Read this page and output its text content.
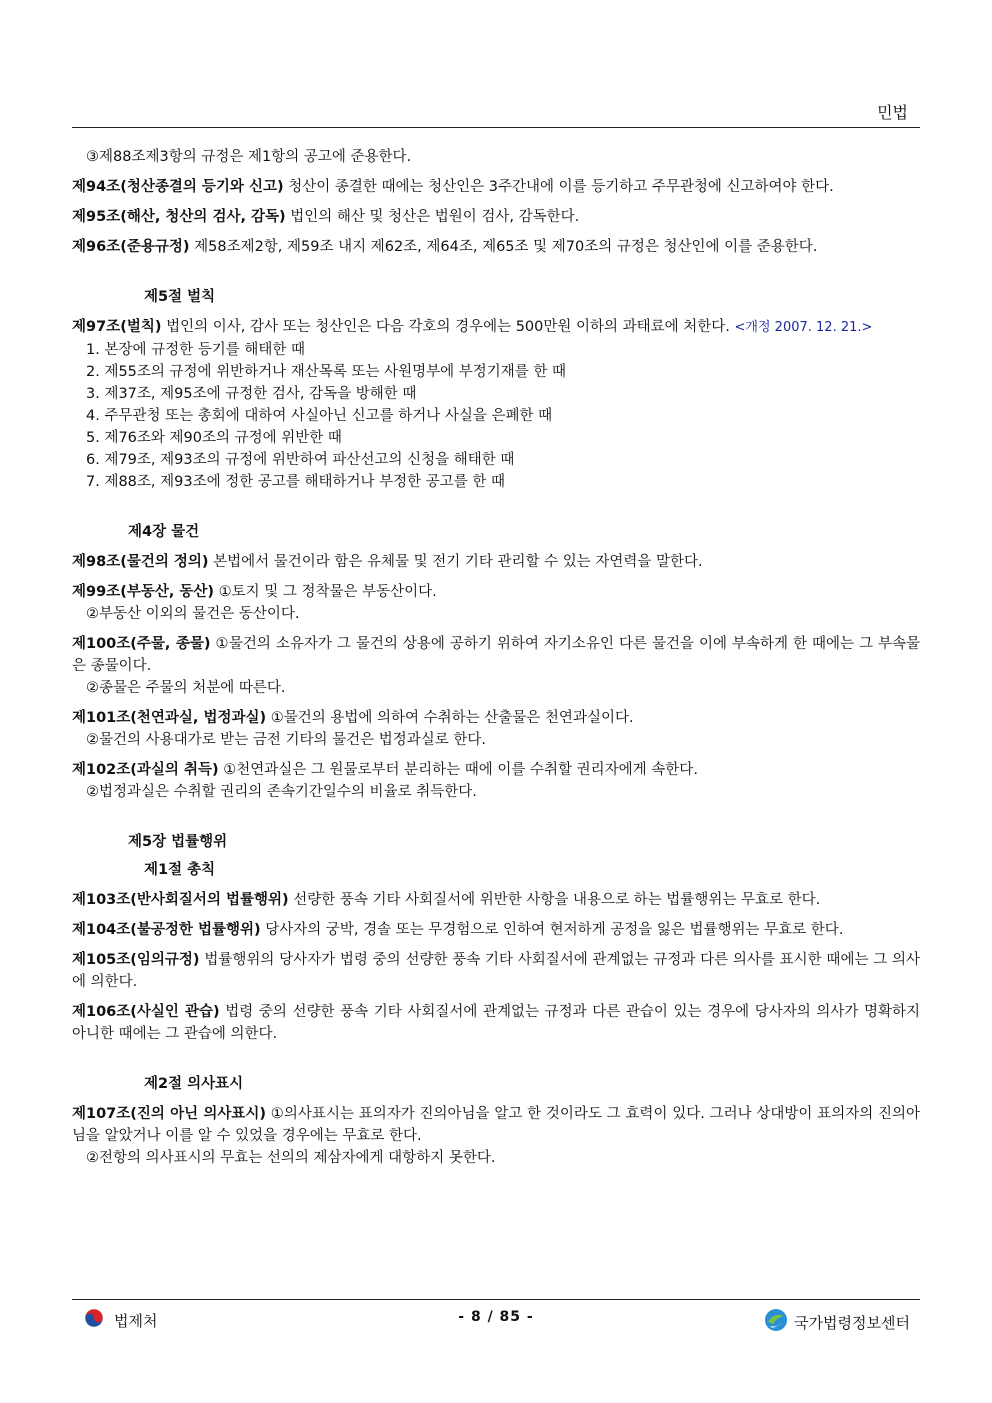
민법

③제88조제3항의 규정은 제1항의 공고에 준용한다.

제94조(청산종결의 등기와 신고) 청산이 종결한 때에는 청산인은 3주간내에 이를 등기하고 주무관청에 신고하여야 한다.

제95조(해산, 청산의 검사, 감독) 법인의 해산 및 청산은 법원이 검사, 감독한다.

제96조(준용규정) 제58조제2항, 제59조 내지 제62조, 제64조, 제65조 및 제70조의 규정은 청산인에 이를 준용한다.

제5절 벌칙

제97조(벌칙) 법인의 이사, 감사 또는 청산인은 다음 각호의 경우에는 500만원 이하의 과태료에 처한다. <개정 2007. 12. 21.>
1. 본장에 규정한 등기를 해태한 때
2. 제55조의 규정에 위반하거나 재산목록 또는 사원명부에 부정기재를 한 때
3. 제37조, 제95조에 규정한 검사, 감독을 방해한 때
4. 주무관청 또는 총회에 대하여 사실아닌 신고를 하거나 사실을 은폐한 때
5. 제76조와 제90조의 규정에 위반한 때
6. 제79조, 제93조의 규정에 위반하여 파산선고의 신청을 해태한 때
7. 제88조, 제93조에 정한 공고를 해태하거나 부정한 공고를 한 때

제4장 물건

제98조(물건의 정의) 본법에서 물건이라 함은 유체물 및 전기 기타 관리할 수 있는 자연력을 말한다.

제99조(부동산, 동산) ①토지 및 그 정착물은 부동산이다.
②부동산 이외의 물건은 동산이다.
제100조(주물, 종물) ①물건의 소유자가 그 물건의 상용에 공하기 위하여 자기소유인 다른 물건을 이에 부속하게 한 때에는 그 부속물은 종물이다.
②종물은 주물의 처분에 따른다.
제101조(천연과실, 법정과실) ①물건의 용법에 의하여 수취하는 산출물은 천연과실이다.
②물건의 사용대가로 받는 금전 기타의 물건은 법정과실로 한다.
제102조(과실의 취득) ①천연과실은 그 원물로부터 분리하는 때에 이를 수취할 권리자에게 속한다.
②법정과실은 수취할 권리의 존속기간일수의 비율로 취득한다.

제5장 법률행위

제1절 총칙

제103조(반사회질서의 법률행위) 선량한 풍속 기타 사회질서에 위반한 사항을 내용으로 하는 법률행위는 무효로 한다.

제104조(불공정한 법률행위) 당사자의 궁박, 경솔 또는 무경험으로 인하여 현저하게 공정을 잃은 법률행위는 무효로 한다.

제105조(임의규정) 법률행위의 당사자가 법령 중의 선량한 풍속 기타 사회질서에 관계없는 규정과 다른 의사를 표시한 때에는 그 의사에 의한다.

제106조(사실인 관습) 법령 중의 선량한 풍속 기타 사회질서에 관계없는 규정과 다른 관습이 있는 경우에 당사자의 의사가 명확하지 아니한 때에는 그 관습에 의한다.

제2절 의사표시

제107조(진의 아닌 의사표시) ①의사표시는 표의자가 진의아님을 알고 한 것이라도 그 효력이 있다. 그러나 상대방이 표의자의 진의아님을 알았거나 이를 알 수 있었을 경우에는 무효로 한다.
②전항의 의사표시의 무효는 선의의 제삼자에게 대항하지 못한다.
법제처	- 8 / 85 -	국가법령정보센터
